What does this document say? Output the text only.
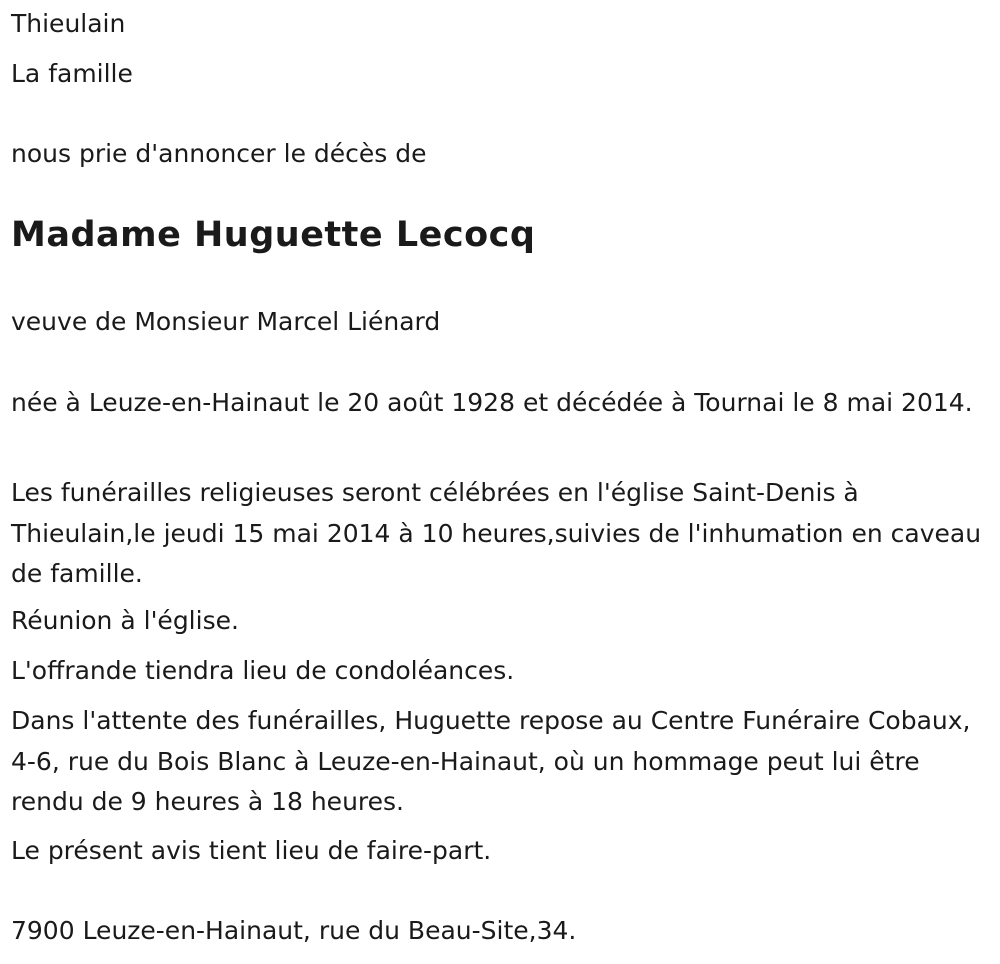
Thieulain

La famille

nous prie d'annoncer le décès de

Madame Huguette Lecocq

veuve de Monsieur Marcel Liénard

née à Leuze-en-Hainaut le 20 août 1928 et décédée à Tournai le 8 mai 2014.

Les funérailles religieuses seront célébrées en l'église Saint-Denis à Thieulain,le jeudi 15 mai 2014 à 10 heures,suivies de l'inhumation en caveau de famille.

Réunion à l'église.

L'offrande tiendra lieu de condoléances.

Dans l'attente des funérailles, Huguette repose au Centre Funéraire Cobaux, 4-6, rue du Bois Blanc à Leuze-en-Hainaut, où un hommage peut lui être rendu de 9 heures à 18 heures.

Le présent avis tient lieu de faire-part.

7900 Leuze-en-Hainaut, rue du Beau-Site,34.
